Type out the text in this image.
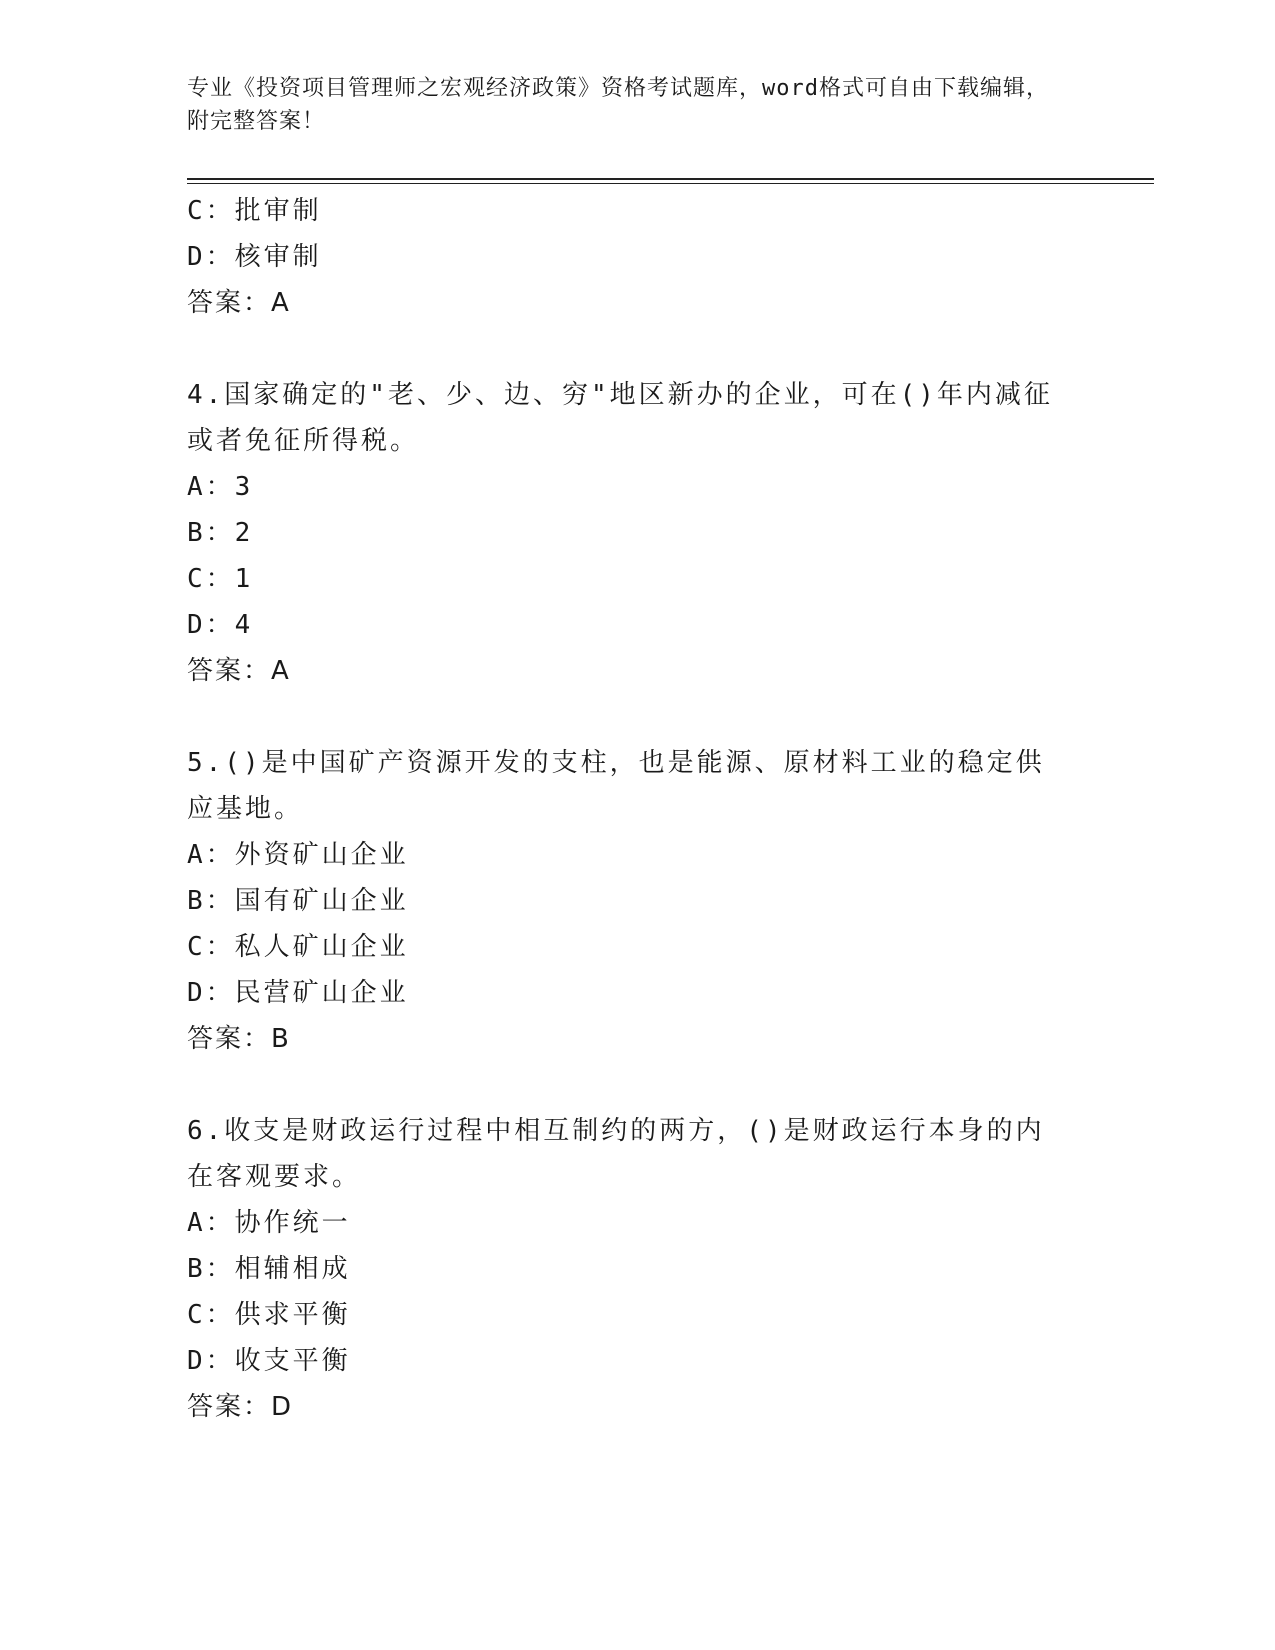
专业《投资项目管理师之宏观经济政策》资格考试题库，word格式可自由下载编辑，附完整答案！
C：批审制
D：核审制
答案：A
4.国家确定的"老、少、边、穷"地区新办的企业，可在()年内减征或者免征所得税。
A：3
B：2
C：1
D：4
答案：A
5.()是中国矿产资源开发的支柱，也是能源、原材料工业的稳定供应基地。
A：外资矿山企业
B：国有矿山企业
C：私人矿山企业
D：民营矿山企业
答案：B
6.收支是财政运行过程中相互制约的两方，()是财政运行本身的内在客观要求。
A：协作统一
B：相辅相成
C：供求平衡
D：收支平衡
答案：D
